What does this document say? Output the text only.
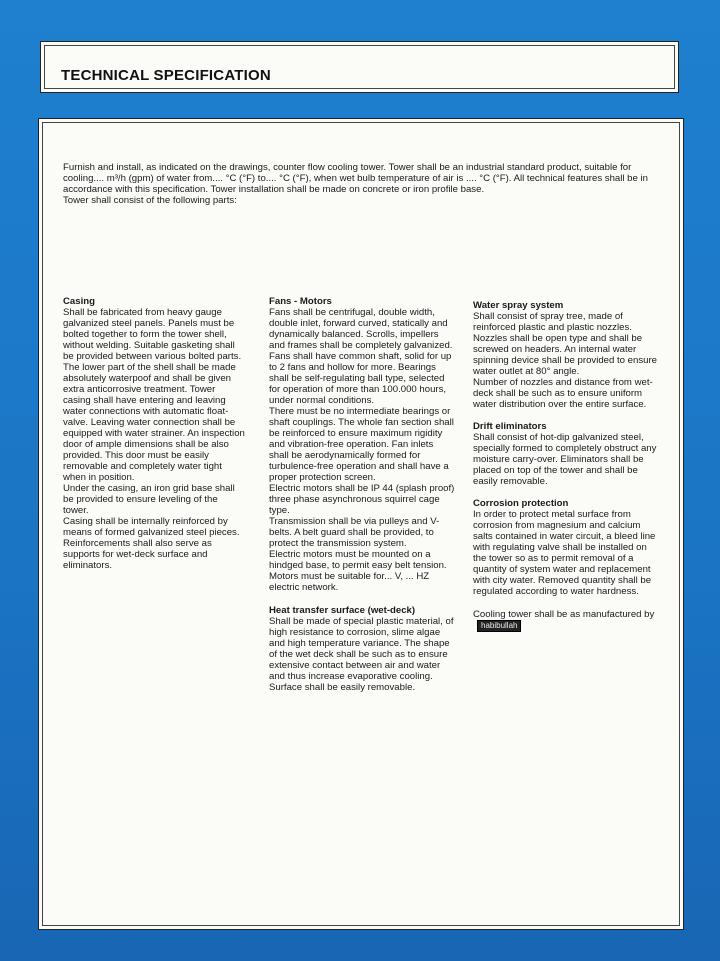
TECHNICAL SPECIFICATION

Furnish and install, as indicated on the drawings, counter flow cooling tower. Tower shall be an industrial standard product, suitable for cooling.... m³/h (gpm) of water from.... °C (°F) to.... °C (°F), when wet bulb temperature of air is .... °C (°F). All technical features shall be in accordance with this specification. Tower installation shall be made on concrete or iron profile base.

Tower shall consist of the following parts:

Casing

Shall be fabricated from heavy gauge galvanized steel panels. Panels must be bolted together to form the tower shell, without welding. Suitable gasketing shall be provided between various bolted parts. The lower part of the shell shall be made absolutely waterpoof and shall be given extra anticorrosive treatment. Tower casing shall have entering and leaving water connections with automatic float-valve. Leaving water connection shall be equipped with water strainer. An inspection door of ample dimensions shall be also provided. This door must be easily removable and completely water tight when in position.

Under the casing, an iron grid base shall be provided to ensure leveling of the tower.

Casing shall be internally reinforced by means of formed galvanized steel pieces. Reinforcements shall also serve as supports for wet-deck surface and eliminators.

Fans - Motors

Fans shall be centrifugal, double width, double inlet, forward curved, statically and dynamically balanced. Scrolls, impellers and frames shall be completely galvanized.

Fans shall have common shaft, solid for up to 2 fans and hollow for more. Bearings shall be self-regulating ball type, selected for operation of more than 100.000 hours, under normal conditions.

There must be no intermediate bearings or shaft couplings. The whole fan section shall be reinforced to ensure maximum rigidity and vibration-free operation. Fan inlets shall be aerodynamically formed for turbulence-free operation and shall have a proper protection screen.

Electric motors shall be IP 44 (splash proof) three phase asynchronous squirrel cage type.

Transmission shall be via pulleys and V-belts. A belt guard shall be provided, to protect the transmission system.

Electric motors must be mounted on a hindged base, to permit easy belt tension. Motors must be suitable for... V, ... HZ electric network.

Heat transfer surface (wet-deck)

Shall be made of special plastic material, of high resistance to corrosion, slime algae and high temperature variance. The shape of the wet deck shall be such as to ensure extensive contact between air and water and thus increase evaporative cooling.

Surface shall be easily removable.

Water spray system

Shall consist of spray tree, made of reinforced plastic and plastic nozzles. Nozzles shall be open type and shall be screwed on headers. An internal water spinning device shall be provided to ensure water outlet at 80° angle.

Number of nozzles and distance from wet-deck shall be such as to ensure uniform water distribution over the entire surface.

Drift eliminators

Shall consist of hot-dip galvanized steel, specially formed to completely obstruct any moisture carry-over. Eliminators shall be placed on top of the tower and shall be easily removable.

Corrosion protection

In order to protect metal surface from corrosion from magnesium and calcium salts contained in water circuit, a bleed line with regulating valve shall be installed on the tower so as to permit removal of a quantity of system water and replacement with city water. Removed quantity shall be regulated according to water hardness.

Cooling tower shall be as manufactured by habibullah
